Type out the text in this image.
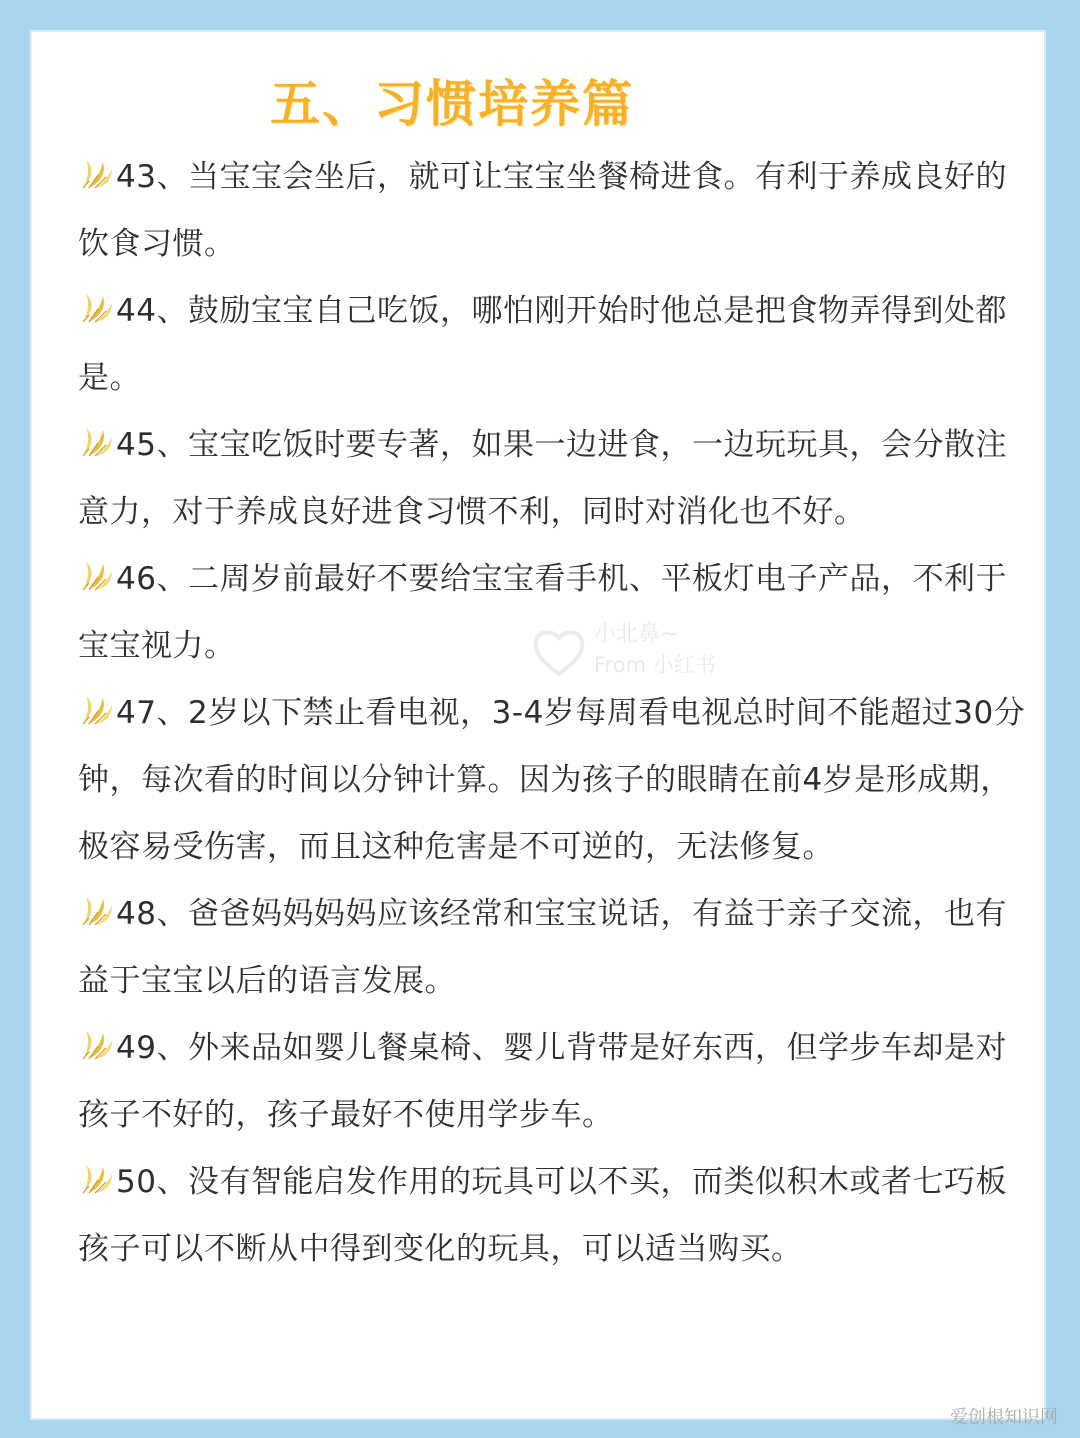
五、习惯培养篇
43、当宝宝会坐后，就可让宝宝坐餐椅进食。有利于养成良好的饮食习惯。
44、鼓励宝宝自己吃饭，哪怕刚开始时他总是把食物弄得到处都是。
45、宝宝吃饭时要专著，如果一边进食，一边玩玩具，会分散注意力，对于养成良好进食习惯不利，同时对消化也不好。
46、二周岁前最好不要给宝宝看手机、平板灯电子产品，不利于宝宝视力。
47、2岁以下禁止看电视，3-4岁每周看电视总时间不能超过30分钟，每次看的时间以分钟计算。因为孩子的眼睛在前4岁是形成期，极容易受伤害，而且这种危害是不可逆的，无法修复。
48、爸爸妈妈妈妈应该经常和宝宝说话，有益于亲子交流，也有益于宝宝以后的语言发展。
49、外来品如婴儿餐桌椅、婴儿背带是好东西，但学步车却是对孩子不好的，孩子最好不使用学步车。
50、没有智能启发作用的玩具可以不买，而类似积木或者七巧板孩子可以不断从中得到变化的玩具，可以适当购买。
小北鼻~
From 小红书
爱创根知识网
